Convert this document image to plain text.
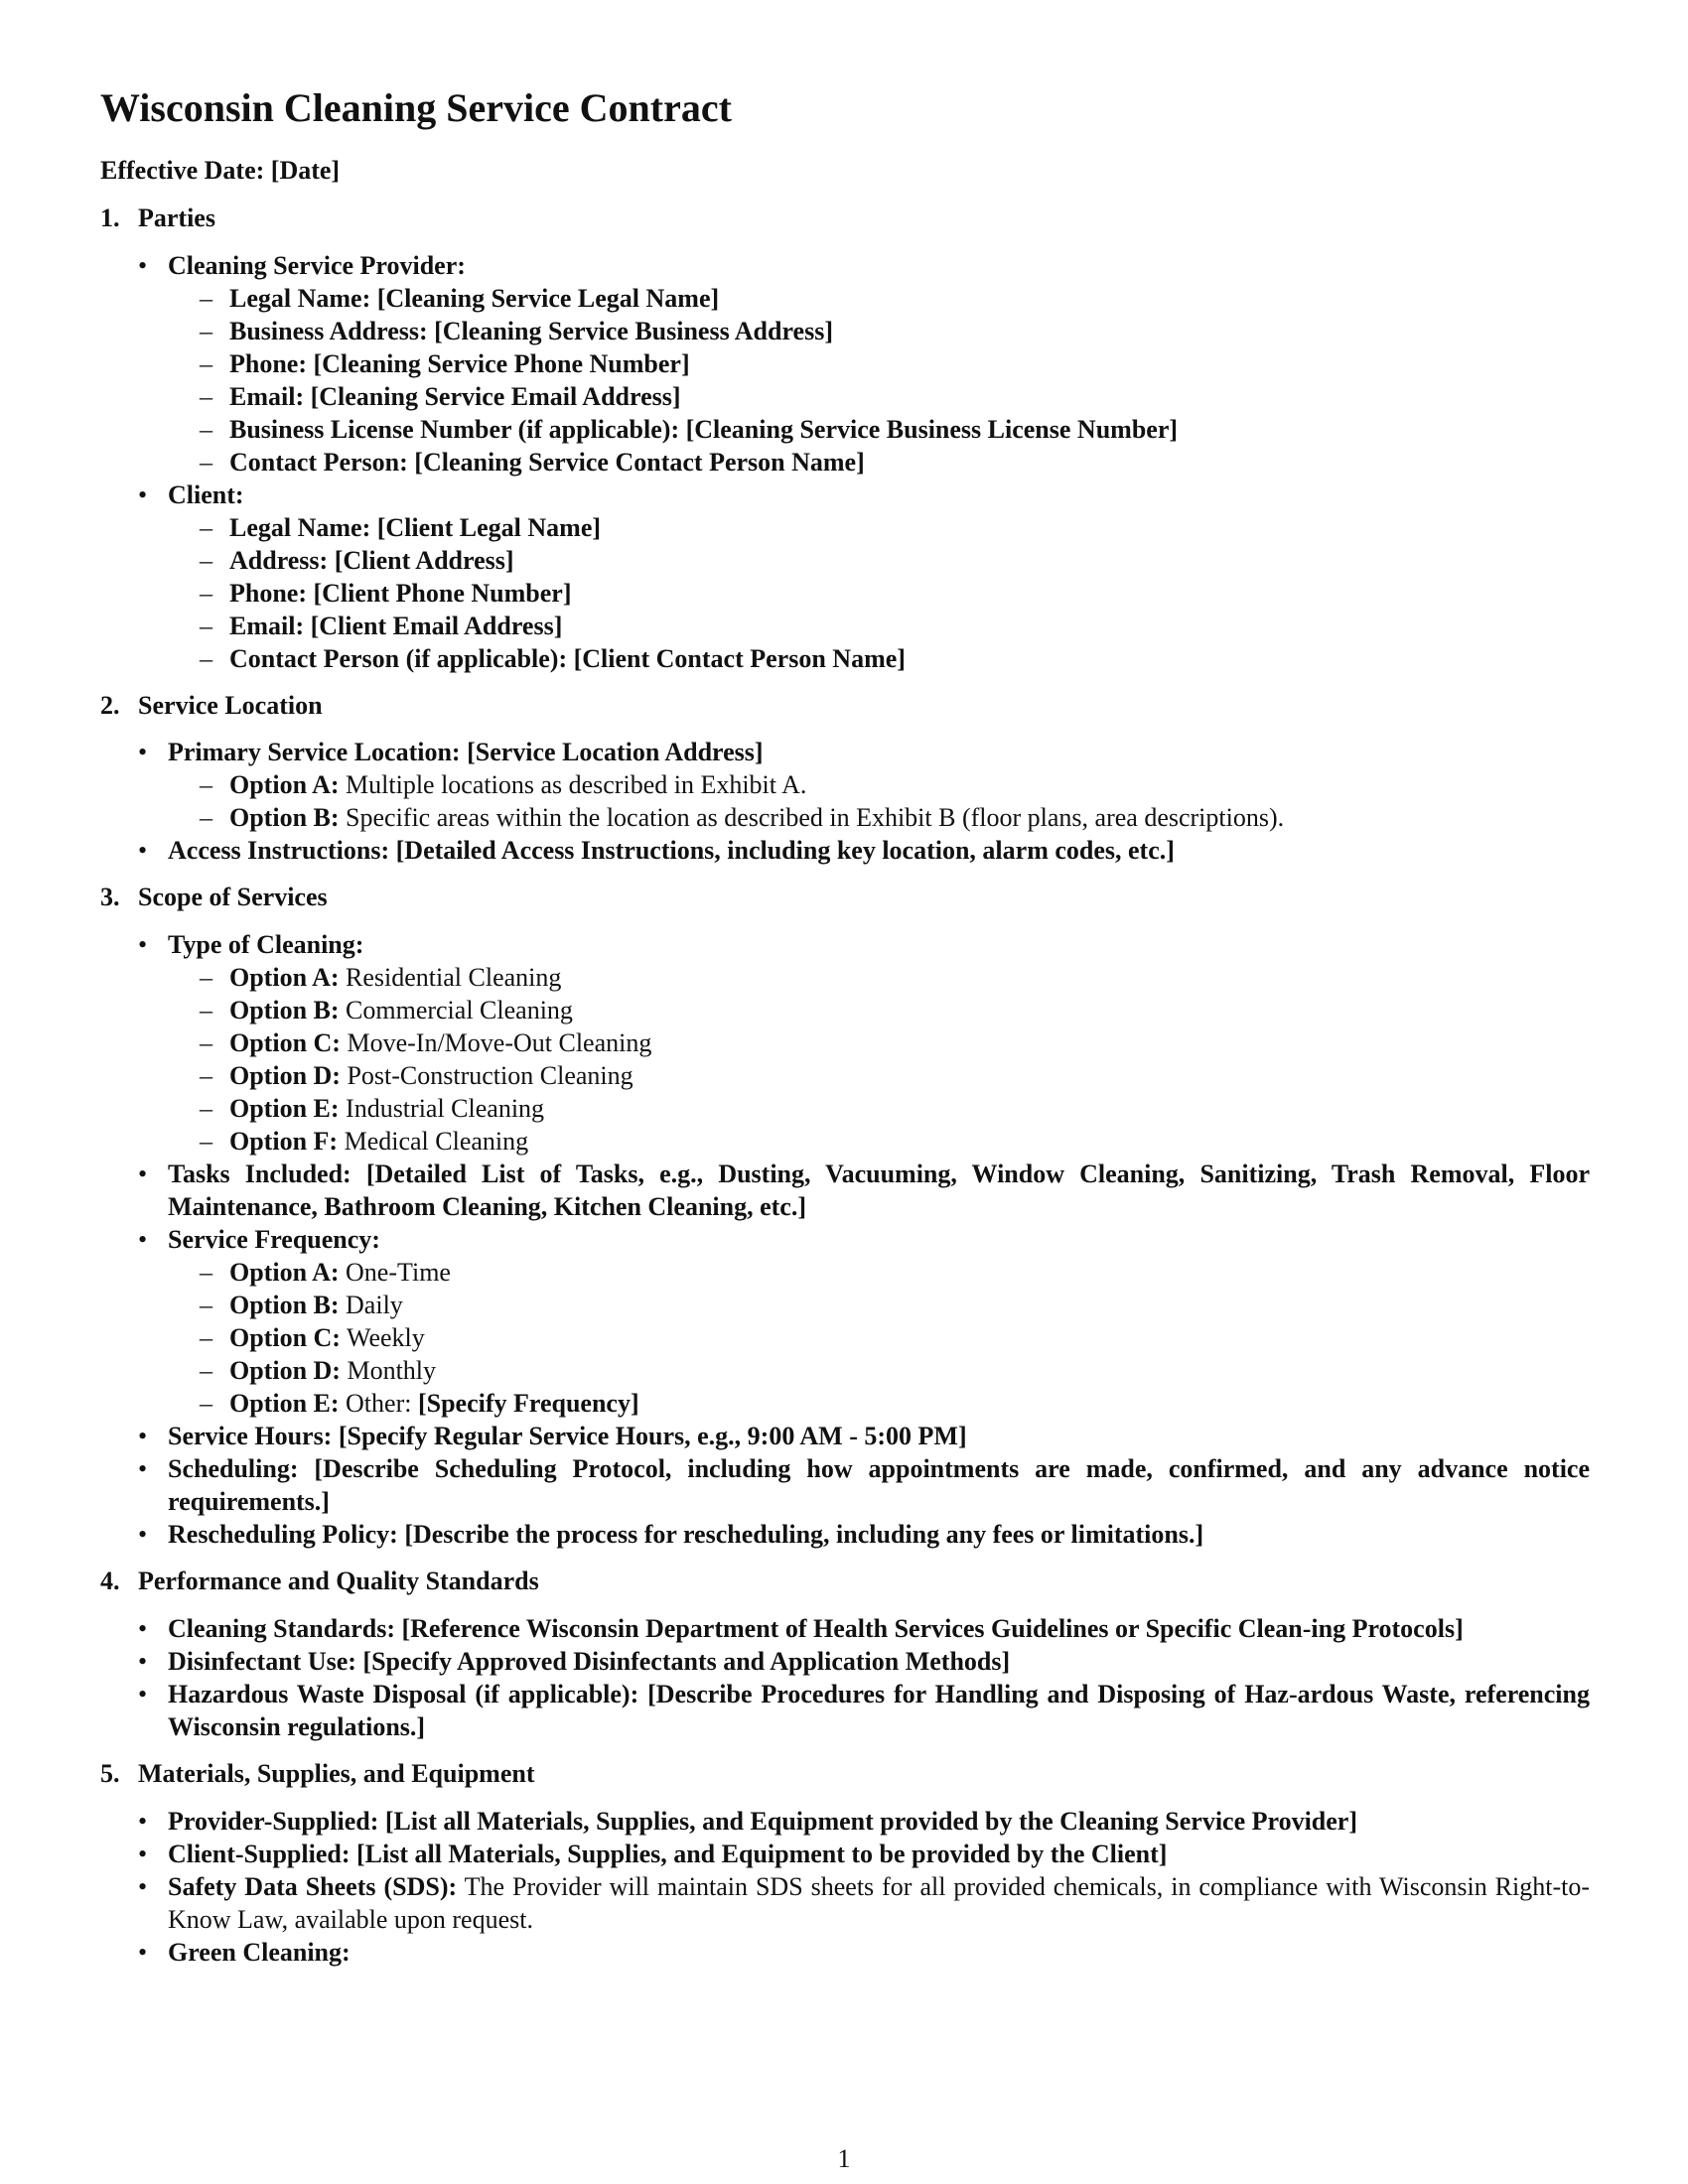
Wisconsin Cleaning Service Contract
Effective Date: [Date]
1. Parties
• Cleaning Service Provider:
– Legal Name: [Cleaning Service Legal Name]
– Business Address: [Cleaning Service Business Address]
– Phone: [Cleaning Service Phone Number]
– Email: [Cleaning Service Email Address]
– Business License Number (if applicable): [Cleaning Service Business License Number]
– Contact Person: [Cleaning Service Contact Person Name]
• Client:
– Legal Name: [Client Legal Name]
– Address: [Client Address]
– Phone: [Client Phone Number]
– Email: [Client Email Address]
– Contact Person (if applicable): [Client Contact Person Name]
2. Service Location
• Primary Service Location: [Service Location Address]
– Option A: Multiple locations as described in Exhibit A.
– Option B: Specific areas within the location as described in Exhibit B (floor plans, area descriptions).
• Access Instructions: [Detailed Access Instructions, including key location, alarm codes, etc.]
3. Scope of Services
• Type of Cleaning:
– Option A: Residential Cleaning
– Option B: Commercial Cleaning
– Option C: Move-In/Move-Out Cleaning
– Option D: Post-Construction Cleaning
– Option E: Industrial Cleaning
– Option F: Medical Cleaning
• Tasks Included: [Detailed List of Tasks, e.g., Dusting, Vacuuming, Window Cleaning, Sanitizing, Trash Removal, Floor Maintenance, Bathroom Cleaning, Kitchen Cleaning, etc.]
• Service Frequency:
– Option A: One-Time
– Option B: Daily
– Option C: Weekly
– Option D: Monthly
– Option E: Other: [Specify Frequency]
• Service Hours: [Specify Regular Service Hours, e.g., 9:00 AM - 5:00 PM]
• Scheduling: [Describe Scheduling Protocol, including how appointments are made, confirmed, and any advance notice requirements.]
• Rescheduling Policy: [Describe the process for rescheduling, including any fees or limitations.]
4. Performance and Quality Standards
• Cleaning Standards: [Reference Wisconsin Department of Health Services Guidelines or Specific Clean-ing Protocols]
• Disinfectant Use: [Specify Approved Disinfectants and Application Methods]
• Hazardous Waste Disposal (if applicable): [Describe Procedures for Handling and Disposing of Haz-ardous Waste, referencing Wisconsin regulations.]
5. Materials, Supplies, and Equipment
• Provider-Supplied: [List all Materials, Supplies, and Equipment provided by the Cleaning Service Provider]
• Client-Supplied: [List all Materials, Supplies, and Equipment to be provided by the Client]
• Safety Data Sheets (SDS): The Provider will maintain SDS sheets for all provided chemicals, in compliance with Wisconsin Right-to-Know Law, available upon request.
• Green Cleaning:
1
